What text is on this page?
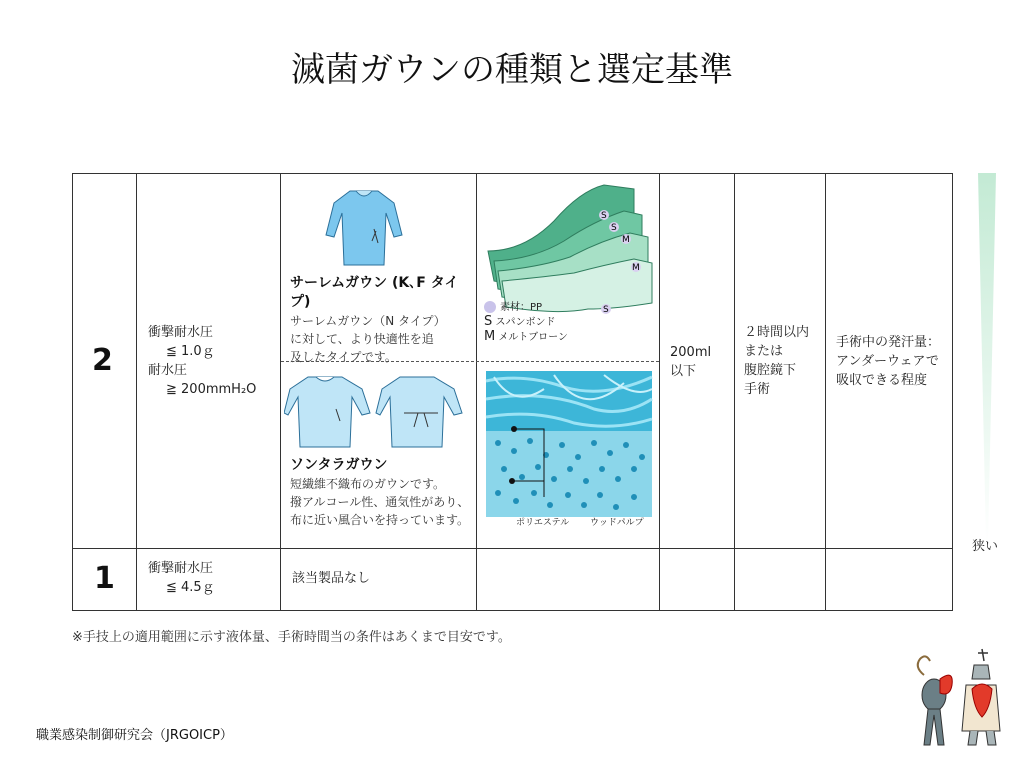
滅菌ガウンの種類と選定基準
2
衝撃耐水圧
≦ 1.0ｇ
耐水圧
≧ 200mmH₂O
サーレムガウン (K､F タイプ)
サーレムガウン（N タイプ）
に対して、より快適性を追
及したタイプです。
ソンタラガウン
短繊維不織布のガウンです。
撥アルコール性、通気性があり、
布に近い風合いを持っています。
S
S
M
M
S
素材：PP
S スパンボンド
M メルトブローン
ポリエステル ウッドパルプ
200ml
以下
２時間以内
または
腹腔鏡下
手術
手術中の発汗量：
アンダーウェアで
吸収できる程度
1	衝撃耐水圧
≦ 4.5ｇ
該当製品なし
狭い
※手技上の適用範囲に示す液体量、手術時間当の条件はあくまで目安です。
職業感染制御研究会（JRGOICP）
